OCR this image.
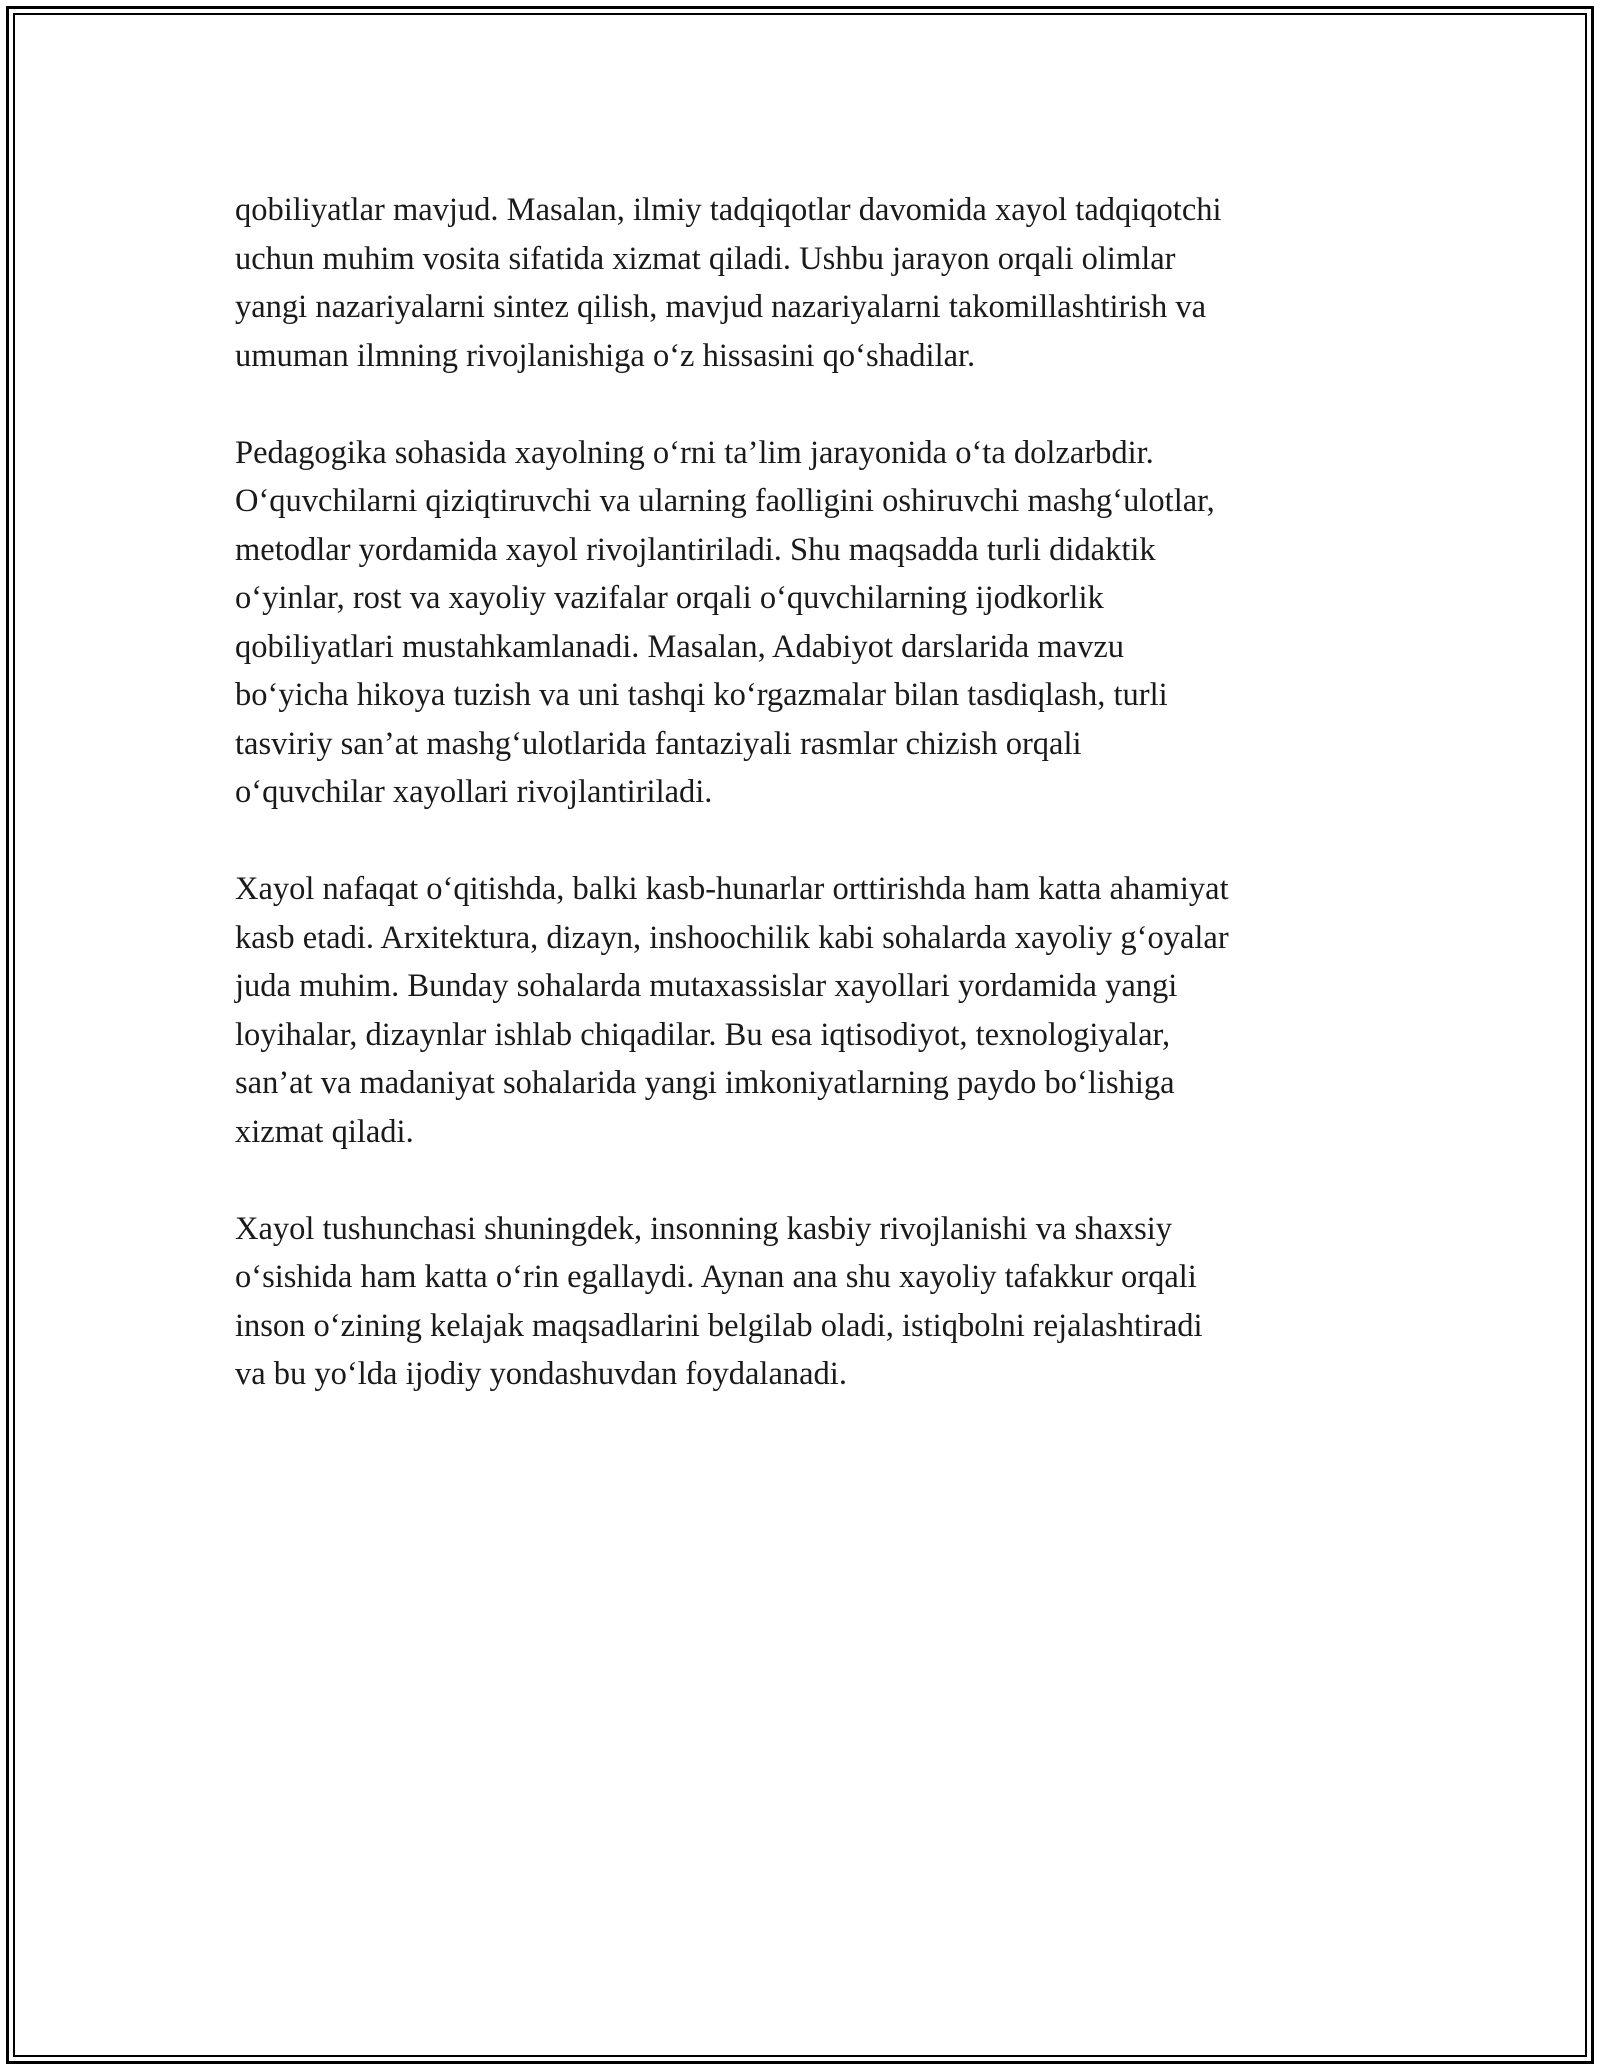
qobiliyatlar mavjud. Masalan, ilmiy tadqiqotlar davomida xayol tadqiqotchi
uchun muhim vosita sifatida xizmat qiladi. Ushbu jarayon orqali olimlar
yangi nazariyalarni sintez qilish, mavjud nazariyalarni takomillashtirish va
umuman ilmning rivojlanishiga o‘z hissasini qo‘shadilar.

Pedagogika sohasida xayolning o‘rni ta’lim jarayonida o‘ta dolzarbdir.
O‘quvchilarni qiziqtiruvchi va ularning faolligini oshiruvchi mashg‘ulotlar,
metodlar yordamida xayol rivojlantiriladi. Shu maqsadda turli didaktik
o‘yinlar, rost va xayoliy vazifalar orqali o‘quvchilarning ijodkorlik
qobiliyatlari mustahkamlanadi. Masalan, Adabiyot darslarida mavzu
bo‘yicha hikoya tuzish va uni tashqi ko‘rgazmalar bilan tasdiqlash, turli
tasviriy san’at mashg‘ulotlarida fantaziyali rasmlar chizish orqali
o‘quvchilar xayollari rivojlantiriladi.

Xayol nafaqat o‘qitishda, balki kasb-hunarlar orttirishda ham katta ahamiyat
kasb etadi. Arxitektura, dizayn, inshoochilik kabi sohalarda xayoliy g‘oyalar
juda muhim. Bunday sohalarda mutaxassislar xayollari yordamida yangi
loyihalar, dizaynlar ishlab chiqadilar. Bu esa iqtisodiyot, texnologiyalar,
san’at va madaniyat sohalarida yangi imkoniyatlarning paydo bo‘lishiga
xizmat qiladi.

Xayol tushunchasi shuningdek, insonning kasbiy rivojlanishi va shaxsiy
o‘sishida ham katta o‘rin egallaydi. Aynan ana shu xayoliy tafakkur orqali
inson o‘zining kelajak maqsadlarini belgilab oladi, istiqbolni rejalashtiradi
va bu yo‘lda ijodiy yondashuvdan foydalanadi.
